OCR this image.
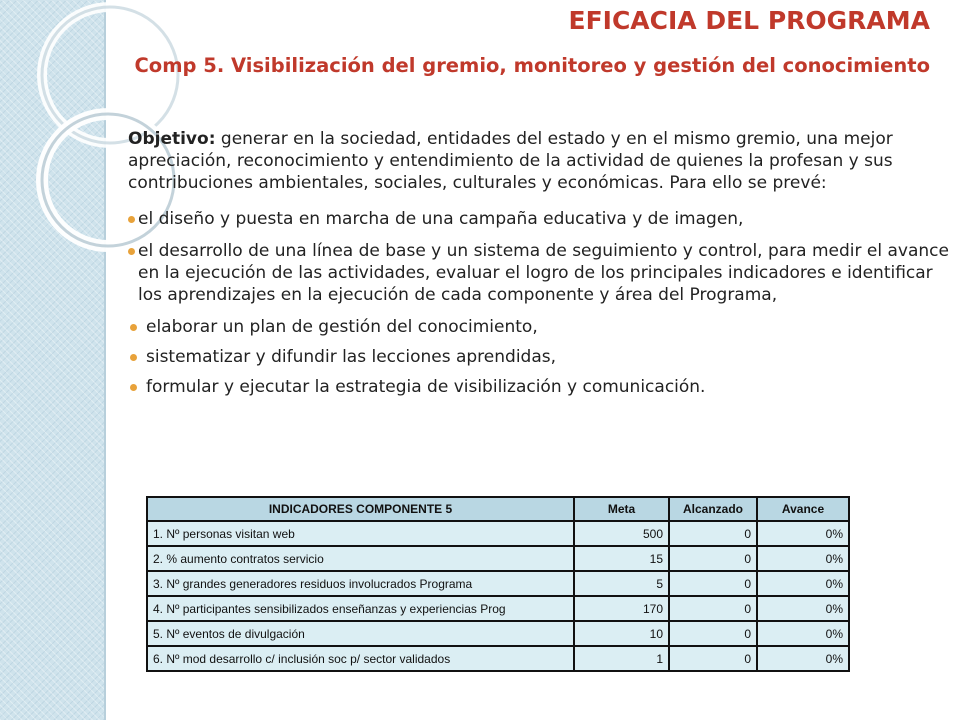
EFICACIA DEL PROGRAMA
Comp 5. Visibilización del gremio, monitoreo y gestión del conocimiento

Objetivo: generar en la sociedad, entidades del estado y en el mismo gremio, una mejor apreciación, reconocimiento y entendimiento de la actividad de quienes la profesan y sus contribuciones ambientales, sociales, culturales y económicas. Para ello se prevé:

el diseño y puesta en marcha de una campaña educativa y de imagen,
el desarrollo de una línea de base y un sistema de seguimiento y control, para medir el avance en la ejecución de las actividades, evaluar el logro de los principales indicadores e identificar los aprendizajes en la ejecución de cada componente y área del Programa,
elaborar un plan de gestión del conocimiento,
sistematizar y difundir las lecciones aprendidas,
formular y ejecutar la estrategia de visibilización y comunicación.
INDICADORES COMPONENTE 5	Meta	Alcanzado	Avance
1. Nº personas visitan web	500	0	0%
2. % aumento contratos servicio	15	0	0%
3. Nº grandes generadores residuos involucrados Programa	5	0	0%
4. Nº participantes sensibilizados enseñanzas y experiencias Prog	170	0	0%
5. Nº eventos de divulgación	10	0	0%
6. Nº mod desarrollo c/ inclusión soc p/ sector validados	1	0	0%
